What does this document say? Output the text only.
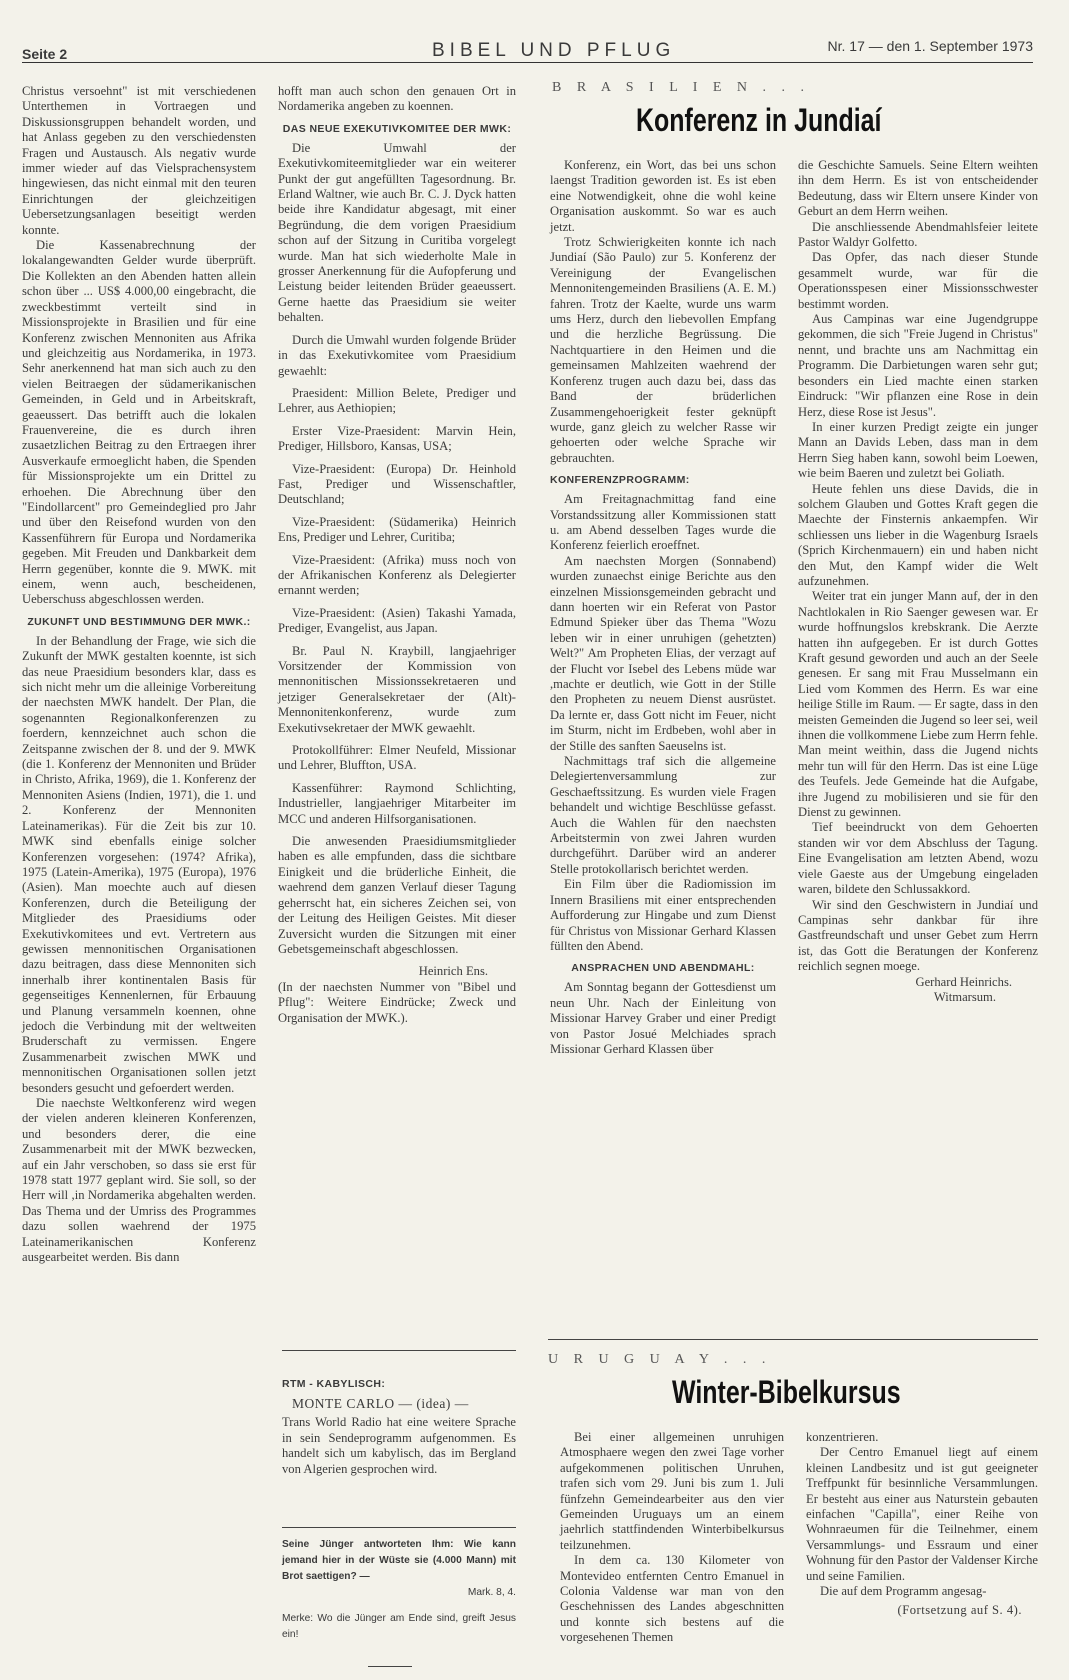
Seite 2	BIBEL UND PFLUG	Nr. 17 — den 1. September 1973

Christus versoehnt" ist mit verschiedenen Unterthemen in Vortraegen und Diskussionsgruppen behandelt worden, und hat Anlass gegeben zu den verschiedensten Fragen und Austausch. Als negativ wurde immer wieder auf das Vielsprachensystem hingewiesen, das nicht einmal mit den teuren Einrichtungen der gleichzeitigen Uebersetzungsanlagen beseitigt werden konnte.

Die Kassenabrechnung der lokalangewandten Gelder wurde überprüft. Die Kollekten an den Abenden hatten allein schon über ... US$ 4.000,00 eingebracht, die zweckbestimmt verteilt sind in Missionsprojekte in Brasilien und für eine Konferenz zwischen Mennoniten aus Afrika und gleichzeitig aus Nordamerika, in 1973. Sehr anerkennend hat man sich auch zu den vielen Beitraegen der südamerikanischen Gemeinden, in Geld und in Arbeitskraft, geaeussert. Das betrifft auch die lokalen Frauenvereine, die es durch ihren zusaetzlichen Beitrag zu den Ertraegen ihrer Ausverkaufe ermoeglicht haben, die Spenden für Missionsprojekte um ein Drittel zu erhoehen. Die Abrechnung über den "Eindollarcent" pro Gemeindeglied pro Jahr und über den Reisefond wurden von den Kassenführern für Europa und Nordamerika gegeben. Mit Freuden und Dankbarkeit dem Herrn gegenüber, konnte die 9. MWK. mit einem, wenn auch, bescheidenen, Ueberschuss abgeschlossen werden.

ZUKUNFT UND BESTIMMUNG DER MWK.:

In der Behandlung der Frage, wie sich die Zukunft der MWK gestalten koennte, ist sich das neue Praesidium besonders klar, dass es sich nicht mehr um die alleinige Vorbereitung der naechsten MWK handelt. Der Plan, die sogenannten Regionalkonferenzen zu foerdern, kennzeichnet auch schon die Zeitspanne zwischen der 8. und der 9. MWK (die 1. Konferenz der Mennoniten und Brüder in Christo, Afrika, 1969), die 1. Konferenz der Mennoniten Asiens (Indien, 1971), die 1. und 2. Konferenz der Mennoniten Lateinamerikas). Für die Zeit bis zur 10. MWK sind ebenfalls einige solcher Konferenzen vorgesehen: (1974? Afrika), 1975 (Latein-Amerika), 1975 (Europa), 1976 (Asien). Man moechte auch auf diesen Konferenzen, durch die Beteiligung der Mitglieder des Praesidiums oder Exekutivkomitees und evt. Vertretern aus gewissen mennonitischen Organisationen dazu beitragen, dass diese Mennoniten sich innerhalb ihrer kontinentalen Basis für gegenseitiges Kennenlernen, für Erbauung und Planung versammeln koennen, ohne jedoch die Verbindung mit der weltweiten Bruderschaft zu vermissen. Engere Zusammenarbeit zwischen MWK und mennonitischen Organisationen sollen jetzt besonders gesucht und gefoerdert werden.

Die naechste Weltkonferenz wird wegen der vielen anderen kleineren Konferenzen, und besonders derer, die eine Zusammenarbeit mit der MWK bezwecken, auf ein Jahr verschoben, so dass sie erst für 1978 statt 1977 geplant wird. Sie soll, so der Herr will ,in Nordamerika abgehalten werden. Das Thema und der Umriss des Programmes dazu sollen waehrend der 1975 Lateinamerikanischen Konferenz ausgearbeitet werden. Bis dann

hofft man auch schon den genauen Ort in Nordamerika angeben zu koennen.

DAS NEUE EXEKUTIVKOMITEE DER MWK:

Die Umwahl der Exekutivkomiteemitglieder war ein weiterer Punkt der gut angefüllten Tagesordnung. Br. Erland Waltner, wie auch Br. C. J. Dyck hatten beide ihre Kandidatur abgesagt, mit einer Begründung, die dem vorigen Praesidium schon auf der Sitzung in Curitiba vorgelegt wurde. Man hat sich wiederholte Male in grosser Anerkennung für die Aufopferung und Leistung beider leitenden Brüder geaeussert. Gerne haette das Praesidium sie weiter behalten.

Durch die Umwahl wurden folgende Brüder in das Exekutivkomitee vom Praesidium gewaehlt:

Praesident: Million Belete, Prediger und Lehrer, aus Aethiopien;

Erster Vize-Praesident: Marvin Hein, Prediger, Hillsboro, Kansas, USA;

Vize-Praesident: (Europa) Dr. Heinhold Fast, Prediger und Wissenschaftler, Deutschland;

Vize-Praesident: (Südamerika) Heinrich Ens, Prediger und Lehrer, Curitiba;

Vize-Praesident: (Afrika) muss noch von der Afrikanischen Konferenz als Delegierter ernannt werden;

Vize-Praesident: (Asien) Takashi Yamada, Prediger, Evangelist, aus Japan.

Br. Paul N. Kraybill, langjaehriger Vorsitzender der Kommission von mennonitischen Missionssekretaeren und jetziger Generalsekretaer der (Alt)-Mennonitenkonferenz, wurde zum Exekutivsekretaer der MWK gewaehlt.

Protokollführer: Elmer Neufeld, Missionar und Lehrer, Bluffton, USA.

Kassenführer: Raymond Schlichting, Industrieller, langjaehriger Mitarbeiter im MCC und anderen Hilfsorganisationen.

Die anwesenden Praesidiumsmitglieder haben es alle empfunden, dass die sichtbare Einigkeit und die brüderliche Einheit, die waehrend dem ganzen Verlauf dieser Tagung geherrscht hat, ein sicheres Zeichen sei, von der Leitung des Heiligen Geistes. Mit dieser Zuversicht wurden die Sitzungen mit einer Gebetsgemeinschaft abgeschlossen.

Heinrich Ens.

(In der naechsten Nummer von "Bibel und Pflug": Weitere Eindrücke; Zweck und Organisation der MWK.).

RTM - KABYLISCH:

MONTE CARLO — (idea) —

Trans World Radio hat eine weitere Sprache in sein Sendeprogramm aufgenommen. Es handelt sich um kabylisch, das im Bergland von Algerien gesprochen wird.

Seine Jünger antworteten Ihm: Wie kann jemand hier in der Wüste sie (4.000 Mann) mit Brot saettigen? —

Mark. 8, 4.

Merke: Wo die Jünger am Ende sind, greift Jesus ein!

B R A S I L I E N . . .
Konferenz in Jundiaí

Konferenz, ein Wort, das bei uns schon laengst Tradition geworden ist. Es ist eben eine Notwendigkeit, ohne die wohl keine Organisation auskommt. So war es auch jetzt.

Trotz Schwierigkeiten konnte ich nach Jundiaí (São Paulo) zur 5. Konferenz der Vereinigung der Evangelischen Mennonitengemeinden Brasiliens (A. E. M.) fahren. Trotz der Kaelte, wurde uns warm ums Herz, durch den liebevollen Empfang und die herzliche Begrüssung. Die Nachtquartiere in den Heimen und die gemeinsamen Mahlzeiten waehrend der Konferenz trugen auch dazu bei, dass das Band der brüderlichen Zusammengehoerigkeit fester geknüpft wurde, ganz gleich zu welcher Rasse wir gehoerten oder welche Sprache wir gebrauchten.

KONFERENZPROGRAMM:

Am Freitagnachmittag fand eine Vorstandssitzung aller Kommissionen statt u. am Abend desselben Tages wurde die Konferenz feierlich eroeffnet.

Am naechsten Morgen (Sonnabend) wurden zunaechst einige Berichte aus den einzelnen Missionsgemeinden gebracht und dann hoerten wir ein Referat von Pastor Edmund Spieker über das Thema "Wozu leben wir in einer unruhigen (gehetzten) Welt?" Am Propheten Elias, der verzagt auf der Flucht vor Isebel des Lebens müde war ,machte er deutlich, wie Gott in der Stille den Propheten zu neuem Dienst ausrüstet. Da lernte er, dass Gott nicht im Feuer, nicht im Sturm, nicht im Erdbeben, wohl aber in der Stille des sanften Saeuselns ist.

Nachmittags traf sich die allgemeine Delegiertenversammlung zur Geschaeftssitzung. Es wurden viele Fragen behandelt und wichtige Beschlüsse gefasst. Auch die Wahlen für den naechsten Arbeitstermin von zwei Jahren wurden durchgeführt. Darüber wird an anderer Stelle protokollarisch berichtet werden.

Ein Film über die Radiomission im Innern Brasiliens mit einer entsprechenden Aufforderung zur Hingabe und zum Dienst für Christus von Missionar Gerhard Klassen füllten den Abend.

ANSPRACHEN UND ABENDMAHL:

Am Sonntag begann der Gottesdienst um neun Uhr. Nach der Einleitung von Missionar Harvey Graber und einer Predigt von Pastor Josué Melchiades sprach Missionar Gerhard Klassen über

die Geschichte Samuels. Seine Eltern weihten ihn dem Herrn. Es ist von entscheidender Bedeutung, dass wir Eltern unsere Kinder von Geburt an dem Herrn weihen.

Die anschliessende Abendmahlsfeier leitete Pastor Waldyr Golfetto.

Das Opfer, das nach dieser Stunde gesammelt wurde, war für die Operationsspesen einer Missionsschwester bestimmt worden.

Aus Campinas war eine Jugendgruppe gekommen, die sich "Freie Jugend in Christus" nennt, und brachte uns am Nachmittag ein Programm. Die Darbietungen waren sehr gut; besonders ein Lied machte einen starken Eindruck: "Wir pflanzen eine Rose in dein Herz, diese Rose ist Jesus".

In einer kurzen Predigt zeigte ein junger Mann an Davids Leben, dass man in dem Herrn Sieg haben kann, sowohl beim Loewen, wie beim Baeren und zuletzt bei Goliath.

Heute fehlen uns diese Davids, die in solchem Glauben und Gottes Kraft gegen die Maechte der Finsternis ankaempfen. Wir schliessen uns lieber in die Wagenburg Israels (Sprich Kirchenmauern) ein und haben nicht den Mut, den Kampf wider die Welt aufzunehmen.

Weiter trat ein junger Mann auf, der in den Nachtlokalen in Rio Saenger gewesen war. Er wurde hoffnungslos krebskrank. Die Aerzte hatten ihn aufgegeben. Er ist durch Gottes Kraft gesund geworden und auch an der Seele genesen. Er sang mit Frau Musselmann ein Lied vom Kommen des Herrn. Es war eine heilige Stille im Raum. — Er sagte, dass in den meisten Gemeinden die Jugend so leer sei, weil ihnen die vollkommene Liebe zum Herrn fehle. Man meint weithin, dass die Jugend nichts mehr tun will für den Herrn. Das ist eine Lüge des Teufels. Jede Gemeinde hat die Aufgabe, ihre Jugend zu mobilisieren und sie für den Dienst zu gewinnen.

Tief beeindruckt von dem Gehoerten standen wir vor dem Abschluss der Tagung. Eine Evangelisation am letzten Abend, wozu viele Gaeste aus der Umgebung eingeladen waren, bildete den Schlussakkord.

Wir sind den Geschwistern in Jundiaí und Campinas sehr dankbar für ihre Gastfreundschaft und unser Gebet zum Herrn ist, das Gott die Beratungen der Konferenz reichlich segnen moege.

Gerhard Heinrichs.

Witmarsum.

U R U G U A Y . . .
Winter-Bibelkursus

Bei einer allgemeinen unruhigen Atmosphaere wegen den zwei Tage vorher aufgekommenen politischen Unruhen, trafen sich vom 29. Juni bis zum 1. Juli fünfzehn Gemeindearbeiter aus den vier Gemeinden Uruguays um an einem jaehrlich stattfindenden Winterbibelkursus teilzunehmen.

In dem ca. 130 Kilometer von Montevideo entfernten Centro Emanuel in Colonia Valdense war man von den Geschehnissen des Landes abgeschnitten und konnte sich bestens auf die vorgesehenen Themen

konzentrieren.

Der Centro Emanuel liegt auf einem kleinen Landbesitz und ist gut geeigneter Treffpunkt für besinnliche Versammlungen. Er besteht aus einer aus Naturstein gebauten einfachen "Capilla", einer Reihe von Wohnraeumen für die Teilnehmer, einem Versammlungs- und Essraum und einer Wohnung für den Pastor der Valdenser Kirche und seine Familien.

Die auf dem Programm angesag-

(Fortsetzung auf S. 4).
